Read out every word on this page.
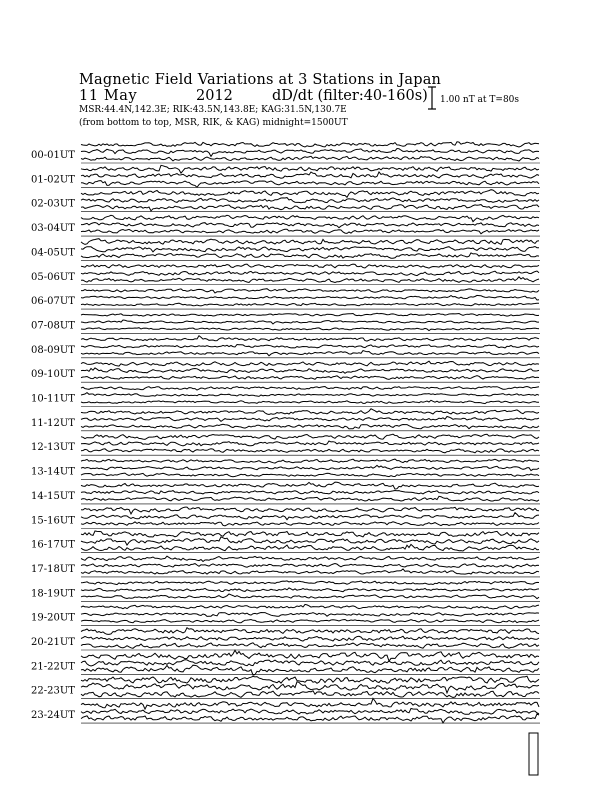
Magnetic Field Variations at 3 Stations in Japan
11 May	2012	dD/dt (filter:40-160s)
MSR:44.4N,142.3E; RIK:43.5N,143.8E; KAG:31.5N,130.7E
(from bottom to top, MSR, RIK, & KAG) midnight=1500UT
1.00 nT at T=80s
00-01UT
01-02UT
02-03UT
03-04UT
04-05UT
05-06UT
06-07UT
07-08UT
08-09UT
09-10UT
10-11UT
11-12UT
12-13UT
13-14UT
14-15UT
15-16UT
16-17UT
17-18UT
18-19UT
19-20UT
20-21UT
21-22UT
22-23UT
23-24UT
